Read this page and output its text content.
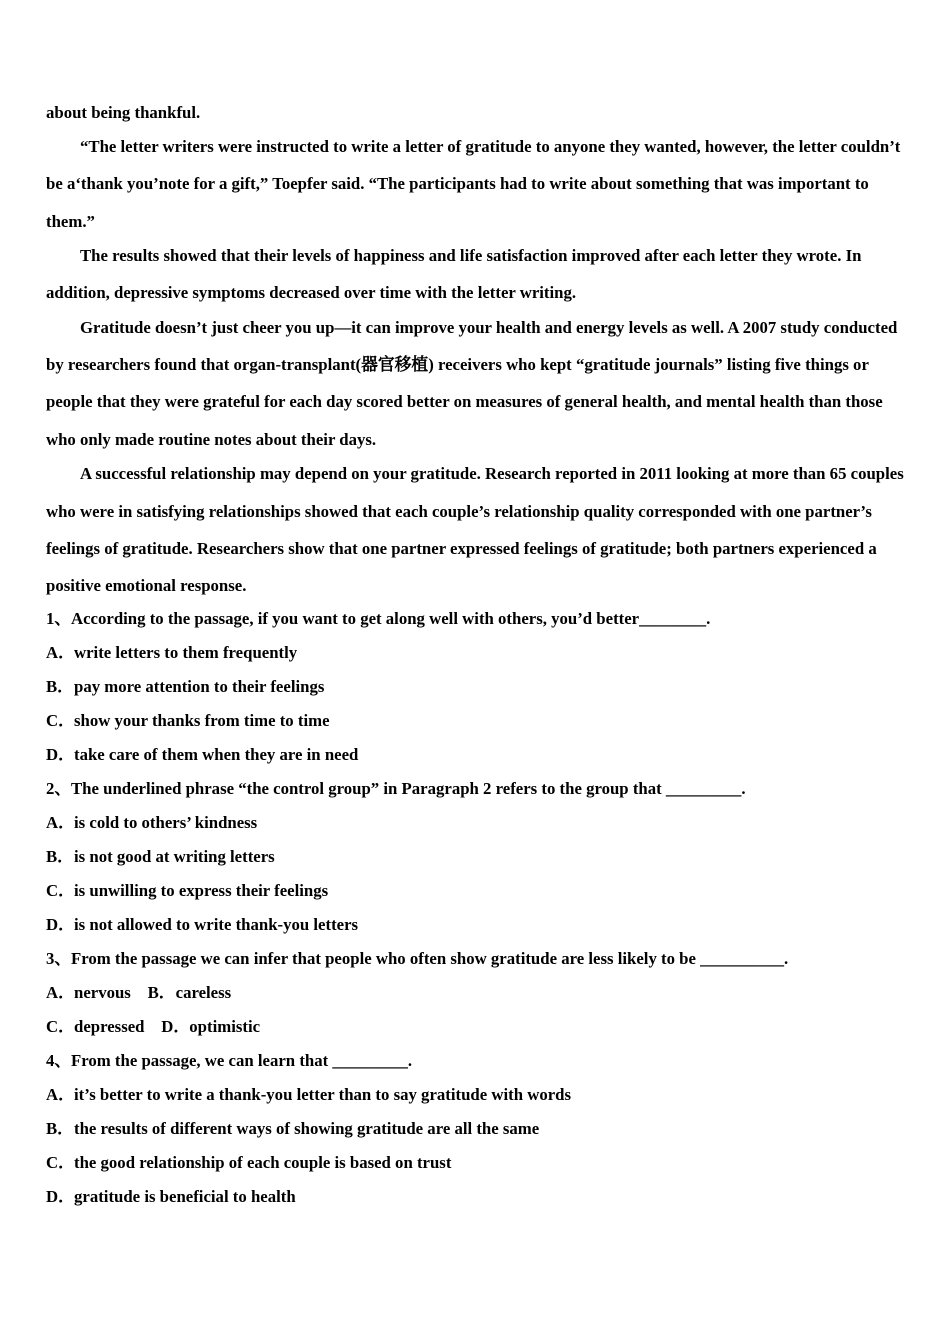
about being thankful.
“The letter writers were instructed to write a letter of gratitude to anyone they wanted, however, the letter couldn’t
be a‘thank you’note for a gift,” Toepfer said. “The participants had to write about something that was important to
them.”
The results showed that their levels of happiness and life satisfaction improved after each letter they wrote. In
addition, depressive symptoms decreased over time with the letter writing.
Gratitude doesn’t just cheer you up—it can improve your health and energy levels as well. A 2007 study conducted
by researchers found that organ-transplant(器官移植) receivers who kept “gratitude journals” listing five things or
people that they were grateful for each day scored better on measures of general health, and mental health than those
who only made routine notes about their days.
A successful relationship may depend on your gratitude. Research reported in 2011 looking at more than 65 couples
who were in satisfying relationships showed that each couple’s relationship quality corresponded with one partner’s
feelings of gratitude. Researchers show that one partner expressed feelings of gratitude; both partners experienced a
positive emotional response.
1、According to the passage, if you want to get along well with others, you’d better________.
A．write letters to them frequently
B．pay more attention to their feelings
C．show your thanks from time to time
D．take care of them when they are in need
2、The underlined phrase “the control group” in Paragraph 2 refers to the group that _________.
A．is cold to others’ kindness
B．is not good at writing letters
C．is unwilling to express their feelings
D．is not allowed to write thank-you letters
3、From the passage we can infer that people who often show gratitude are less likely to be __________.
A．nervous B．careless
C．depressed D．optimistic
4、From the passage, we can learn that _________.
A．it’s better to write a thank-you letter than to say gratitude with words
B．the results of different ways of showing gratitude are all the same
C．the good relationship of each couple is based on trust
D．gratitude is beneficial to health
